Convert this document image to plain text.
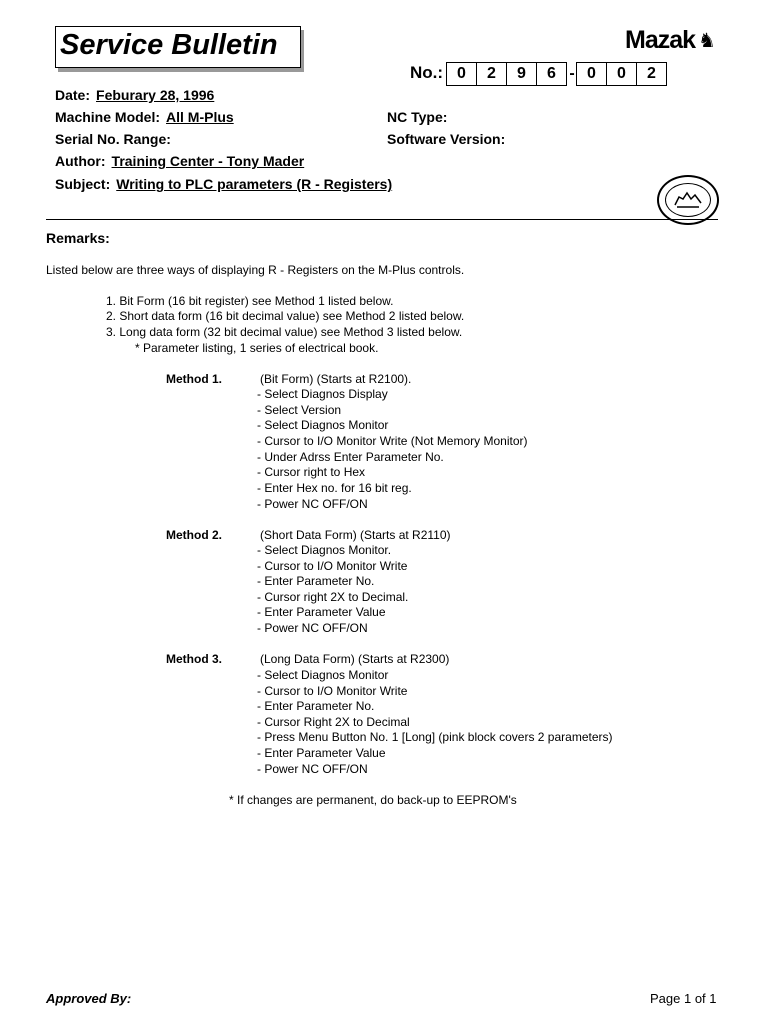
Service Bulletin	Mazak ♞
No.: 0	2	9	6 - 0	0	2
Date: Feburary 28, 1996
Machine Model: All M-Plus
Serial No. Range:
Author: Training Center - Tony Mader
Subject: Writing to PLC parameters (R - Registers)
NC Type:
Software Version:
Remarks:
Listed below are three ways of displaying R - Registers on the M-Plus controls.
1. Bit Form (16 bit register) see Method 1 listed below.
2. Short data form (16 bit decimal value) see Method 2 listed below.
3. Long data form (32 bit decimal value) see Method 3 listed below.
* Parameter listing, 1 series of electrical book.
Method 1.	(Bit Form) (Starts at R2100).
- Select Diagnos Display
- Select Version
- Select Diagnos Monitor
- Cursor to I/O Monitor Write (Not Memory Monitor)
- Under Adrss Enter Parameter No.
- Cursor right to Hex
- Enter Hex no. for 16 bit reg.
- Power NC OFF/ON
Method 2.	(Short Data Form) (Starts at R2110)
- Select Diagnos Monitor.
- Cursor to I/O Monitor Write
- Enter Parameter No.
- Cursor right 2X to Decimal.
- Enter Parameter Value
- Power NC OFF/ON
Method 3.	(Long Data Form) (Starts at R2300)
- Select Diagnos Monitor
- Cursor to I/O Monitor Write
- Enter Parameter No.
- Cursor Right 2X to Decimal
- Press Menu Button No. 1 [Long] (pink block covers 2 parameters)
- Enter Parameter Value
- Power NC OFF/ON
* If changes are permanent, do back-up to EEPROM's
Approved By:	Page 1 of 1
